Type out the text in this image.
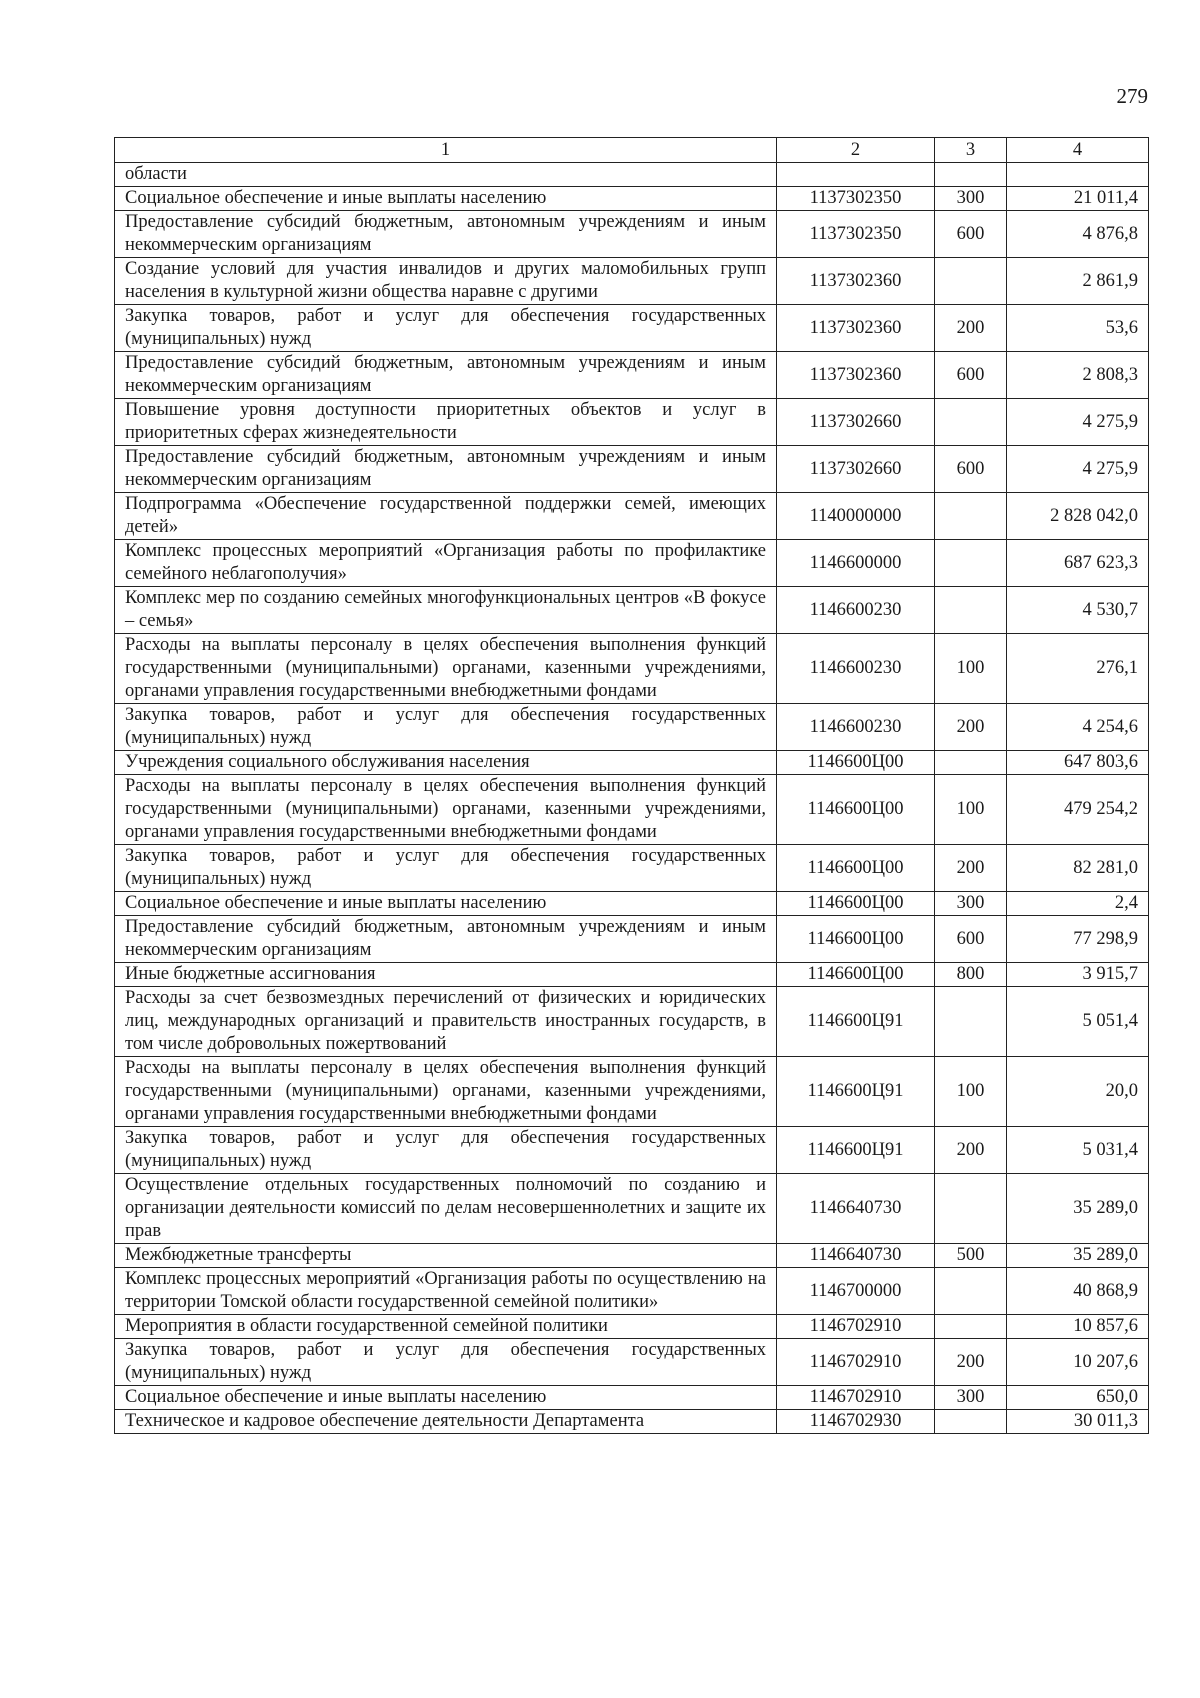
279
1	2	3	4
области			
Социальное обеспечение и иные выплаты населению	1137302350	300	21 011,4
Предоставление субсидий бюджетным, автономным учреждениям и иным некоммерческим организациям	1137302350	600	4 876,8
Создание условий для участия инвалидов и других маломобильных групп населения в культурной жизни общества наравне с другими	1137302360		2 861,9
Закупка товаров, работ и услуг для обеспечения государственных (муниципальных) нужд	1137302360	200	53,6
Предоставление субсидий бюджетным, автономным учреждениям и иным некоммерческим организациям	1137302360	600	2 808,3
Повышение уровня доступности приоритетных объектов и услуг в приоритетных сферах жизнедеятельности	1137302660		4 275,9
Предоставление субсидий бюджетным, автономным учреждениям и иным некоммерческим организациям	1137302660	600	4 275,9
Подпрограмма «Обеспечение государственной поддержки семей, имеющих детей»	1140000000		2 828 042,0
Комплекс процессных мероприятий «Организация работы по профилактике семейного неблагополучия»	1146600000		687 623,3
Комплекс мер по созданию семейных многофункциональных центров «В фокусе – семья»	1146600230		4 530,7
Расходы на выплаты персоналу в целях обеспечения выполнения функций государственными (муниципальными) органами, казенными учреждениями, органами управления государственными внебюджетными фондами	1146600230	100	276,1
Закупка товаров, работ и услуг для обеспечения государственных (муниципальных) нужд	1146600230	200	4 254,6
Учреждения социального обслуживания населения	1146600Ц00		647 803,6
Расходы на выплаты персоналу в целях обеспечения выполнения функций государственными (муниципальными) органами, казенными учреждениями, органами управления государственными внебюджетными фондами	1146600Ц00	100	479 254,2
Закупка товаров, работ и услуг для обеспечения государственных (муниципальных) нужд	1146600Ц00	200	82 281,0
Социальное обеспечение и иные выплаты населению	1146600Ц00	300	2,4
Предоставление субсидий бюджетным, автономным учреждениям и иным некоммерческим организациям	1146600Ц00	600	77 298,9
Иные бюджетные ассигнования	1146600Ц00	800	3 915,7
Расходы за счет безвозмездных перечислений от физических и юридических лиц, международных организаций и правительств иностранных государств, в том числе добровольных пожертвований	1146600Ц91		5 051,4
Расходы на выплаты персоналу в целях обеспечения выполнения функций государственными (муниципальными) органами, казенными учреждениями, органами управления государственными внебюджетными фондами	1146600Ц91	100	20,0
Закупка товаров, работ и услуг для обеспечения государственных (муниципальных) нужд	1146600Ц91	200	5 031,4
Осуществление отдельных государственных полномочий по созданию и организации деятельности комиссий по делам несовершеннолетних и защите их прав	1146640730		35 289,0
Межбюджетные трансферты	1146640730	500	35 289,0
Комплекс процессных мероприятий «Организация работы по осуществлению на территории Томской области государственной семейной политики»	1146700000		40 868,9
Мероприятия в области государственной семейной политики	1146702910		10 857,6
Закупка товаров, работ и услуг для обеспечения государственных (муниципальных) нужд	1146702910	200	10 207,6
Социальное обеспечение и иные выплаты населению	1146702910	300	650,0
Техническое и кадровое обеспечение деятельности Департамента	1146702930		30 011,3
